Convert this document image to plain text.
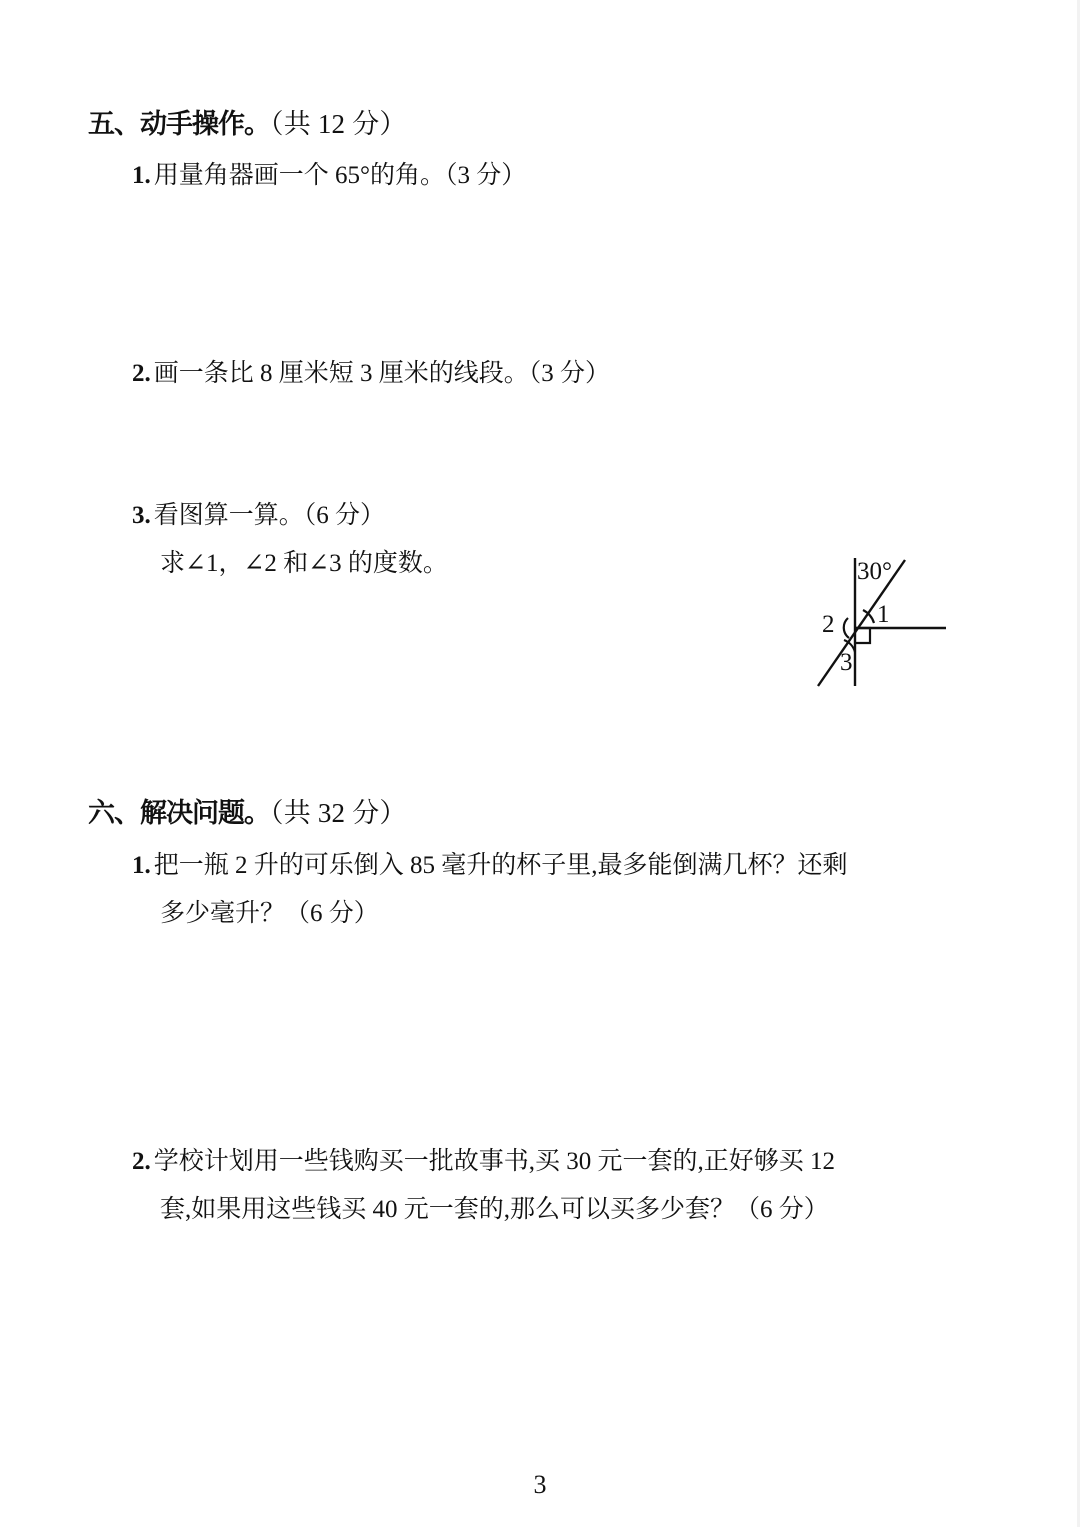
五、动手操作。（共 12 分）
1. 用量角器画一个 65°的角。（3 分）
2. 画一条比 8 厘米短 3 厘米的线段。（3 分）
3. 看图算一算。（6 分）
求∠1，∠2 和∠3 的度数。	30°
1
2
3
六、解决问题。（共 32 分）
1. 把一瓶 2 升的可乐倒入 85 毫升的杯子里,最多能倒满几杯？还剩
多少毫升？（6 分）
2. 学校计划用一些钱购买一批故事书,买 30 元一套的,正好够买 12
套,如果用这些钱买 40 元一套的,那么可以买多少套？（6 分）
3
